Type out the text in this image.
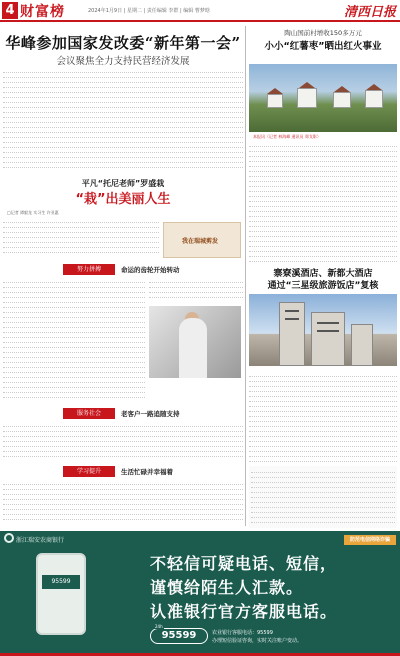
4 财富榜	2024年1月9日 | 星期二 | 责任编辑 李群 | 编辑 曹梦晗	清西日报
华峰参加国家发改委“新年第一会”
会议聚焦全力支持民营经济发展
平凡“托尼老师”罗盛栽
“栽”出美丽人生
□记者 谭毅龙 实习生 许亚惠
我在瑞城剪发
努力拼搏	命运的齿轮开始转动
服务社会	老客户一路追随支持
学习提升	生活忙碌并幸福着
陶山国前村增收150多万元
小小“红薯枣”晒出红火事业
本报讯（记者 林海峰 通讯员 郑戈影）
寨寮溪酒店、新都大酒店
通过“三星级旅游饭店”复核
浙江瑞安农商银行	防范电信网络诈骗
95599
不轻信可疑电话、短信，
谨慎给陌生人汇款。
认准银行官方客服电话。
95599
24h
农业银行客服电话：95599
办理短信验证咨询，实时关注账户变动。
